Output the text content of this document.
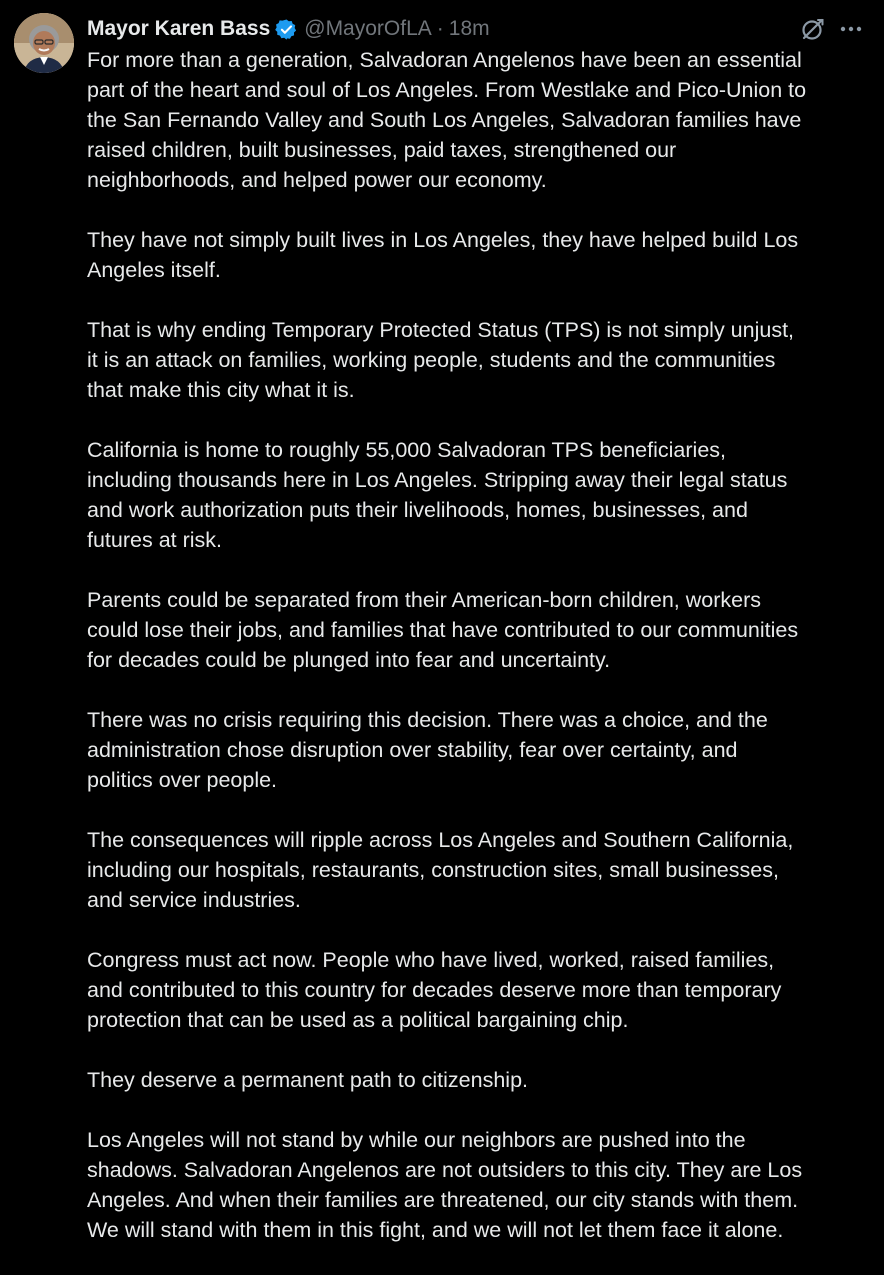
Mayor Karen Bass @MayorOfLA · 18m

For more than a generation, Salvadoran Angelenos have been an essential
part of the heart and soul of Los Angeles. From Westlake and Pico-Union to
the San Fernando Valley and South Los Angeles, Salvadoran families have
raised children, built businesses, paid taxes, strengthened our
neighborhoods, and helped power our economy.

They have not simply built lives in Los Angeles, they have helped build Los
Angeles itself.

That is why ending Temporary Protected Status (TPS) is not simply unjust,
it is an attack on families, working people, students and the communities
that make this city what it is.

California is home to roughly 55,000 Salvadoran TPS beneficiaries,
including thousands here in Los Angeles. Stripping away their legal status
and work authorization puts their livelihoods, homes, businesses, and
futures at risk.

Parents could be separated from their American-born children, workers
could lose their jobs, and families that have contributed to our communities
for decades could be plunged into fear and uncertainty.

There was no crisis requiring this decision. There was a choice, and the
administration chose disruption over stability, fear over certainty, and
politics over people.

The consequences will ripple across Los Angeles and Southern California,
including our hospitals, restaurants, construction sites, small businesses,
and service industries.

Congress must act now. People who have lived, worked, raised families,
and contributed to this country for decades deserve more than temporary
protection that can be used as a political bargaining chip.

They deserve a permanent path to citizenship.

Los Angeles will not stand by while our neighbors are pushed into the
shadows. Salvadoran Angelenos are not outsiders to this city. They are Los
Angeles. And when their families are threatened, our city stands with them.
We will stand with them in this fight, and we will not let them face it alone.
